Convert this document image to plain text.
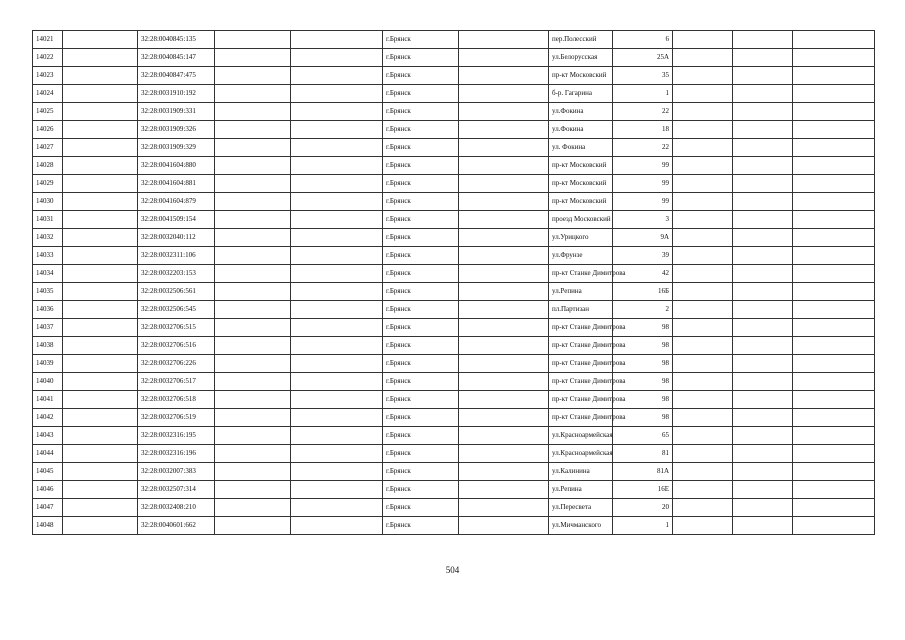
14021		32:28:0040845:135			г.Брянск		пер.Полесский	6			
14022		32:28:0040845:147			г.Брянск		ул.Белорусская	25А			
14023		32:28:0040847:475			г.Брянск		пр-кт Московский	35			
14024		32:28:0031910:192			г.Брянск		б-р. Гагарина	1			
14025		32:28:0031909:331			г.Брянск		ул.Фокина	22			
14026		32:28:0031909:326			г.Брянск		ул.Фокина	18			
14027		32:28:0031909:329			г.Брянск		ул. Фокина	22			
14028		32:28:0041604:880			г.Брянск		пр-кт Московский	99			
14029		32:28:0041604:881			г.Брянск		пр-кт Московский	99			
14030		32:28:0041604:879			г.Брянск		пр-кт Московский	99			
14031		32:28:0041509:154			г.Брянск		проезд Московский	3			
14032		32:28:0032040:112			г.Брянск		ул.Урицкого	9А			
14033		32:28:0032311:106			г.Брянск		ул.Фрунзе	39			
14034		32:28:0032203:153			г.Брянск		пр-кт Станке Димитрова	42			
14035		32:28:0032506:561			г.Брянск		ул.Репина	16Б			
14036		32:28:0032506:545			г.Брянск		пл.Партизан	2			
14037		32:28:0032706:515			г.Брянск		пр-кт Станке Димитрова	98			
14038		32:28:0032706:516			г.Брянск		пр-кт Станке Димитрова	98			
14039		32:28:0032706:226			г.Брянск		пр-кт Станке Димитрова	98			
14040		32:28:0032706:517			г.Брянск		пр-кт Станке Димитрова	98			
14041		32:28:0032706:518			г.Брянск		пр-кт Станке Димитрова	98			
14042		32:28:0032706:519			г.Брянск		пр-кт Станке Димитрова	98			
14043		32:28:0032316:195			г.Брянск		ул.Красноармейская	65			
14044		32:28:0032316:196			г.Брянск		ул.Красноармейская	81			
14045		32:28:0032007:383			г.Брянск		ул.Калинина	81А			
14046		32:28:0032507:314			г.Брянск		ул.Репина	16Е			
14047		32:28:0032408:210			г.Брянск		ул.Пересвета	20			
14048		32:28:0040601:662			г.Брянск		ул.Мичманского	1			
504
